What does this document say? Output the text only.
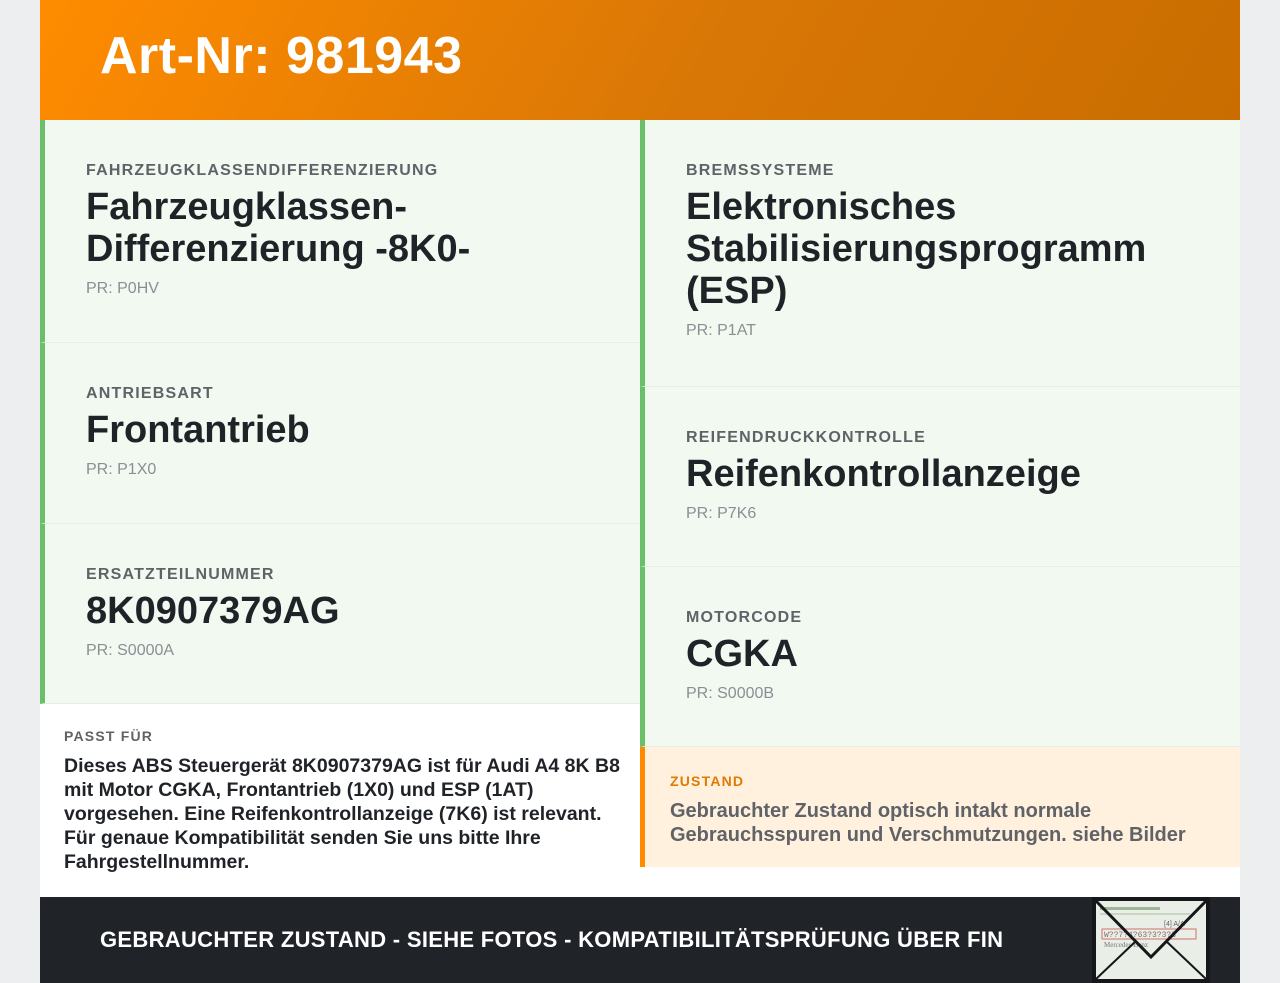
Art-Nr: 981943
FAHRZEUGKLASSENDIFFERENZIERUNG
Fahrzeugklassen-Differenzierung -8K0-
PR: P0HV
ANTRIEBSART
Frontantrieb
PR: P1X0
ERSATZTEILNUMMER
8K0907379AG
PR: S0000A
BREMSSYSTEME
Elektronisches Stabilisierungsprogramm (ESP)
PR: P1AT
REIFENDRUCKKONTROLLE
Reifenkontrollanzeige
PR: P7K6
MOTORCODE
CGKA
PR: S0000B
PASST FÜR
Dieses ABS Steuergerät 8K0907379AG ist für Audi A4 8K B8 mit Motor CGKA, Frontantrieb (1X0) und ESP (1AT) vorgesehen. Eine Reifenkontrollanzeige (7K6) ist relevant. Für genaue Kompatibilität senden Sie uns bitte Ihre Fahrgestellnummer.
ZUSTAND
Gebrauchter Zustand optisch intakt normale Gebrauchsspuren und Verschmutzungen. siehe Bilder
GEBRAUCHTER ZUSTAND - SIEHE FOTOS - KOMPATIBILITÄTSPRÜFUNG ÜBER FIN	W??7?4?63?3?3?3
[4] A/A
Mercedes-Benz
